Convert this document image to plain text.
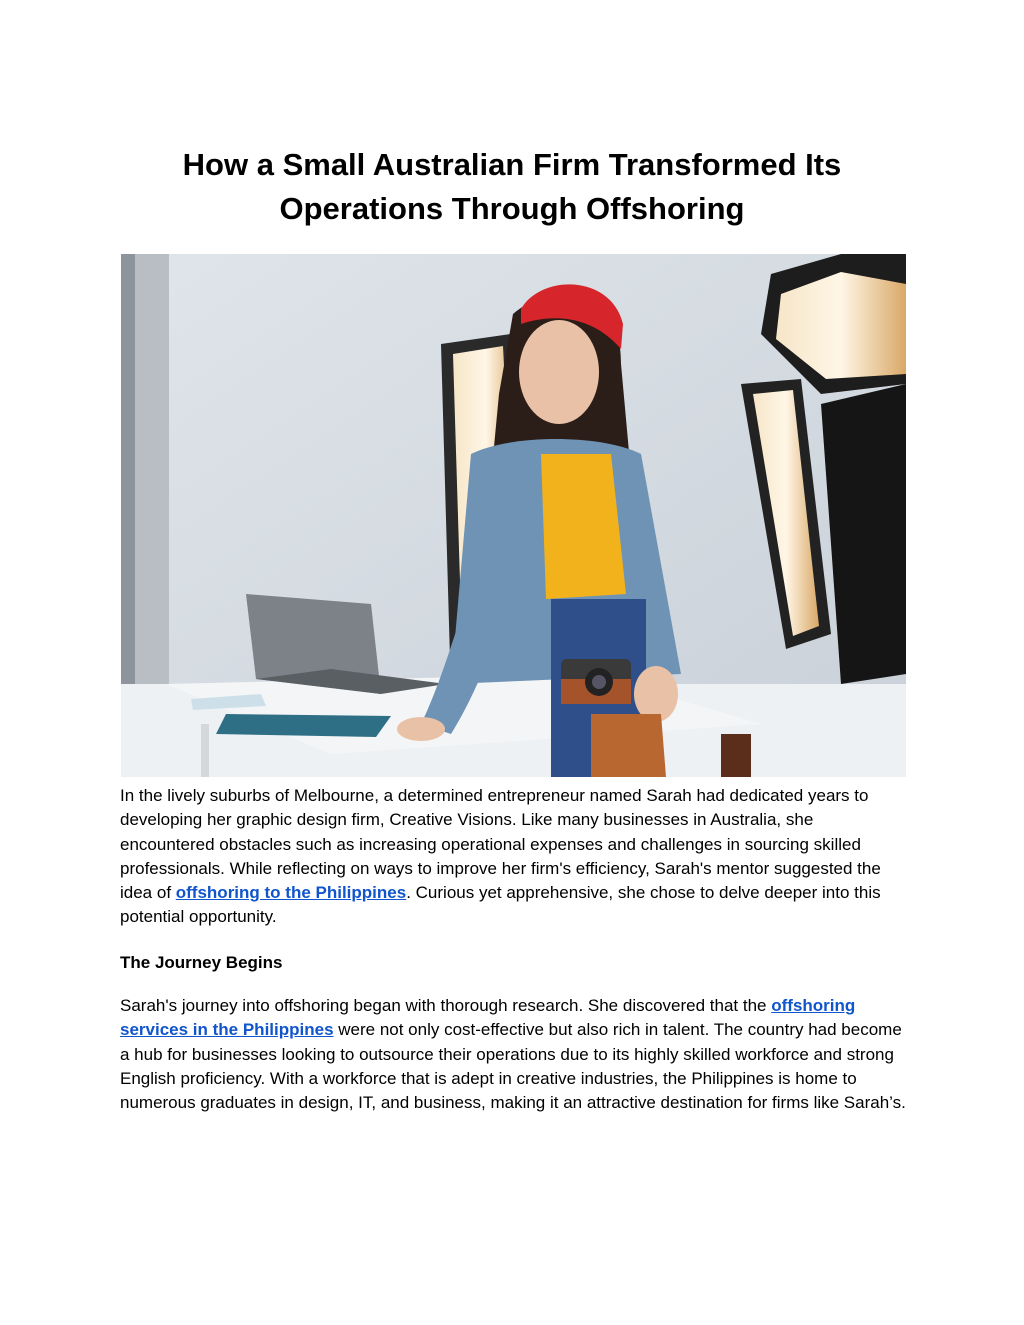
How a Small Australian Firm Transformed Its
Operations Through Offshoring

In the lively suburbs of Melbourne, a determined entrepreneur named Sarah had dedicated years to developing her graphic design firm, Creative Visions. Like many businesses in Australia, she encountered obstacles such as increasing operational expenses and challenges in sourcing skilled professionals. While reflecting on ways to improve her firm's efficiency, Sarah's mentor suggested the idea of offshoring to the Philippines. Curious yet apprehensive, she chose to delve deeper into this potential opportunity.

The Journey Begins

Sarah's journey into offshoring began with thorough research. She discovered that the offshoring services in the Philippines were not only cost-effective but also rich in talent. The country had become a hub for businesses looking to outsource their operations due to its highly skilled workforce and strong English proficiency. With a workforce that is adept in creative industries, the Philippines is home to numerous graduates in design, IT, and business, making it an attractive destination for firms like Sarah’s.
